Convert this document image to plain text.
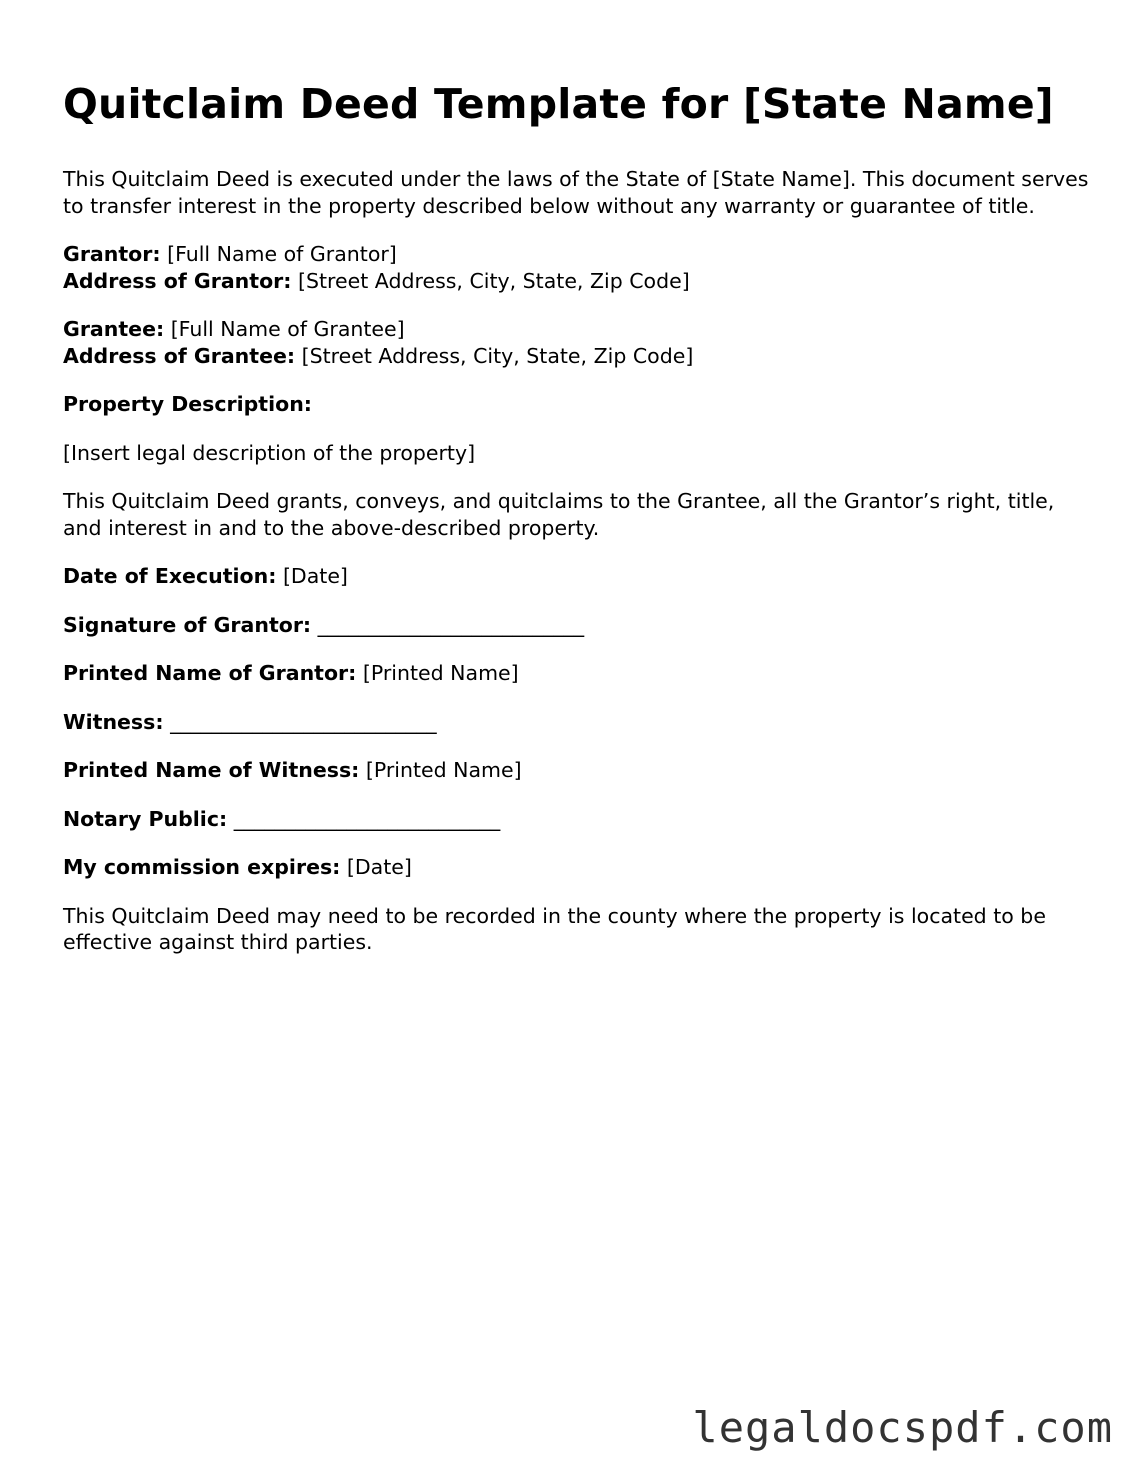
Quitclaim Deed Template for [State Name]

This Quitclaim Deed is executed under the laws of the State of [State Name]. This document serves to transfer interest in the property described below without any warranty or guarantee of title.

Grantor: [Full Name of Grantor]
Address of Grantor: [Street Address, City, State, Zip Code]

Grantee: [Full Name of Grantee]
Address of Grantee: [Street Address, City, State, Zip Code]

Property Description:

[Insert legal description of the property]

This Quitclaim Deed grants, conveys, and quitclaims to the Grantee, all the Grantor’s right, title, and interest in and to the above-described property.

Date of Execution: [Date]

Signature of Grantor: __________________________

Printed Name of Grantor: [Printed Name]

Witness: __________________________

Printed Name of Witness: [Printed Name]

Notary Public: __________________________

My commission expires: [Date]

This Quitclaim Deed may need to be recorded in the county where the property is located to be effective against third parties.

legaldocspdf.com
